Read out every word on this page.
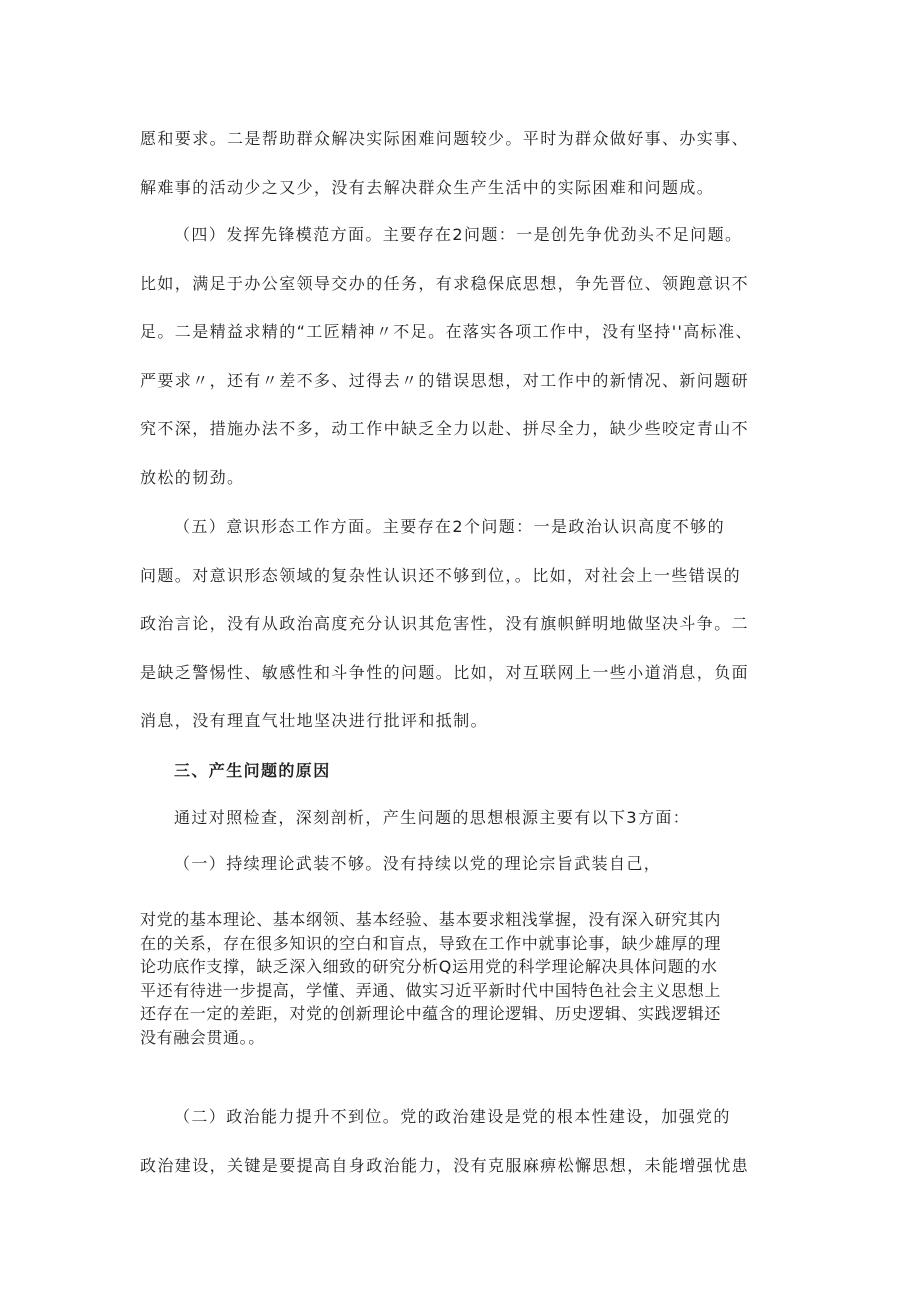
愿和要求。二是帮助群众解决实际困难问题较少。平时为群众做好事、办实事、
解难事的活动少之又少，没有去解决群众生产生活中的实际困难和问题成。
（四）发挥先锋模范方面。主要存在2问题：一是创先争优劲头不足问题。
比如，满足于办公室领导交办的任务，有求稳保底思想，争先晋位、领跑意识不
足。二是精益求精的“工匠精神〃不足。在落实各项工作中，没有坚持''高标准、
严要求〃，还有〃差不多、过得去〃的错误思想，对工作中的新情况、新问题研
究不深，措施办法不多，动工作中缺乏全力以赴、拼尽全力，缺少些咬定青山不
放松的韧劲。
（五）意识形态工作方面。主要存在2个问题：一是政治认识高度不够的
问题。对意识形态领域的复杂性认识还不够到位，。比如，对社会上一些错误的
政治言论，没有从政治高度充分认识其危害性，没有旗帜鲜明地做坚决斗争。二
是缺乏警惕性、敏感性和斗争性的问题。比如，对互联网上一些小道消息，负面
消息，没有理直气壮地坚决进行批评和抵制。
三、产生问题的原因
通过对照检查，深刻剖析，产生问题的思想根源主要有以下3方面：
（一）持续理论武装不够。没有持续以党的理论宗旨武装自己，
对党的基本理论、基本纲领、基本经验、基本要求粗浅掌握，没有深入研究其内
在的关系，存在很多知识的空白和盲点，导致在工作中就事论事，缺少雄厚的理
论功底作支撑，缺乏深入细致的研究分析Q运用党的科学理论解决具体问题的水
平还有待进一步提高，学懂、弄通、做实习近平新时代中国特色社会主义思想上
还存在一定的差距，对党的创新理论中蕴含的理论逻辑、历史逻辑、实践逻辑还
没有融会贯通。。
（二）政治能力提升不到位。党的政治建设是党的根本性建设，加强党的
政治建设，关键是要提高自身政治能力，没有克服麻痹松懈思想，未能增强忧患
